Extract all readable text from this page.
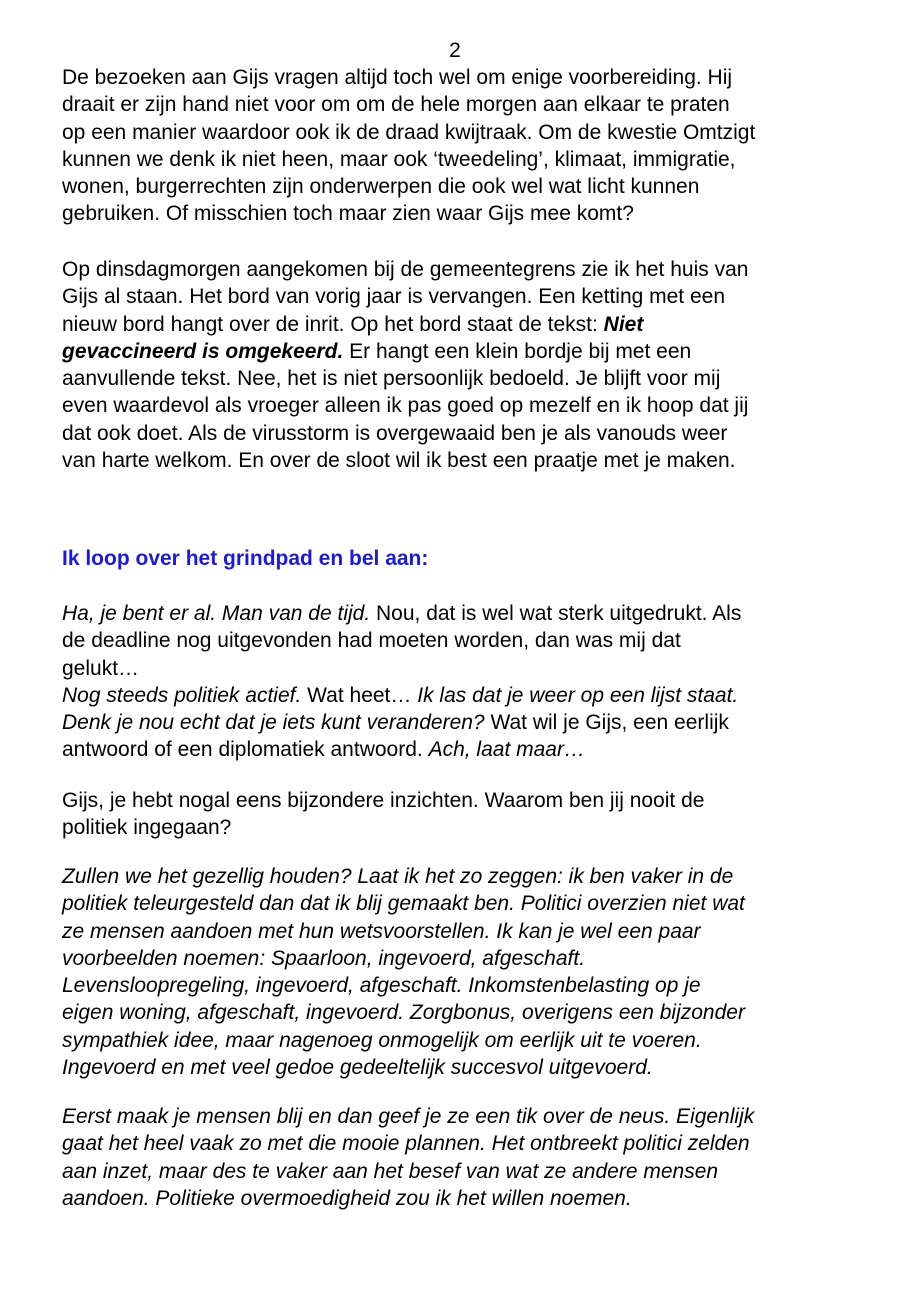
2

De bezoeken aan Gijs vragen altijd toch wel om enige voorbereiding. Hij
draait er zijn hand niet voor om om de hele morgen aan elkaar te praten
op een manier waardoor ook ik de draad kwijtraak. Om de kwestie Omtzigt
kunnen we denk ik niet heen, maar ook ‘tweedeling’, klimaat, immigratie,
wonen, burgerrechten zijn onderwerpen die ook wel wat licht kunnen
gebruiken. Of misschien toch maar zien waar Gijs mee komt?

Op dinsdagmorgen aangekomen bij de gemeentegrens zie ik het huis van
Gijs al staan. Het bord van vorig jaar is vervangen. Een ketting met een
nieuw bord hangt over de inrit. Op het bord staat de tekst: Niet
gevaccineerd is omgekeerd. Er hangt een klein bordje bij met een
aanvullende tekst. Nee, het is niet persoonlijk bedoeld. Je blijft voor mij
even waardevol als vroeger alleen ik pas goed op mezelf en ik hoop dat jij
dat ook doet. Als de virusstorm is overgewaaid ben je als vanouds weer
van harte welkom. En over de sloot wil ik best een praatje met je maken.

Ik loop over het grindpad en bel aan:

Ha, je bent er al. Man van de tijd. Nou, dat is wel wat sterk uitgedrukt. Als
de deadline nog uitgevonden had moeten worden, dan was mij dat
gelukt…
Nog steeds politiek actief. Wat heet… Ik las dat je weer op een lijst staat.
Denk je nou echt dat je iets kunt veranderen? Wat wil je Gijs, een eerlijk
antwoord of een diplomatiek antwoord. Ach, laat maar…

Gijs, je hebt nogal eens bijzondere inzichten. Waarom ben jij nooit de
politiek ingegaan?

Zullen we het gezellig houden? Laat ik het zo zeggen: ik ben vaker in de
politiek teleurgesteld dan dat ik blij gemaakt ben. Politici overzien niet wat
ze mensen aandoen met hun wetsvoorstellen. Ik kan je wel een paar
voorbeelden noemen: Spaarloon, ingevoerd, afgeschaft.
Levensloopregeling, ingevoerd, afgeschaft. Inkomstenbelasting op je
eigen woning, afgeschaft, ingevoerd. Zorgbonus, overigens een bijzonder
sympathiek idee, maar nagenoeg onmogelijk om eerlijk uit te voeren.
Ingevoerd en met veel gedoe gedeeltelijk succesvol uitgevoerd.

Eerst maak je mensen blij en dan geef je ze een tik over de neus. Eigenlijk
gaat het heel vaak zo met die mooie plannen. Het ontbreekt politici zelden
aan inzet, maar des te vaker aan het besef van wat ze andere mensen
aandoen. Politieke overmoedigheid zou ik het willen noemen.
